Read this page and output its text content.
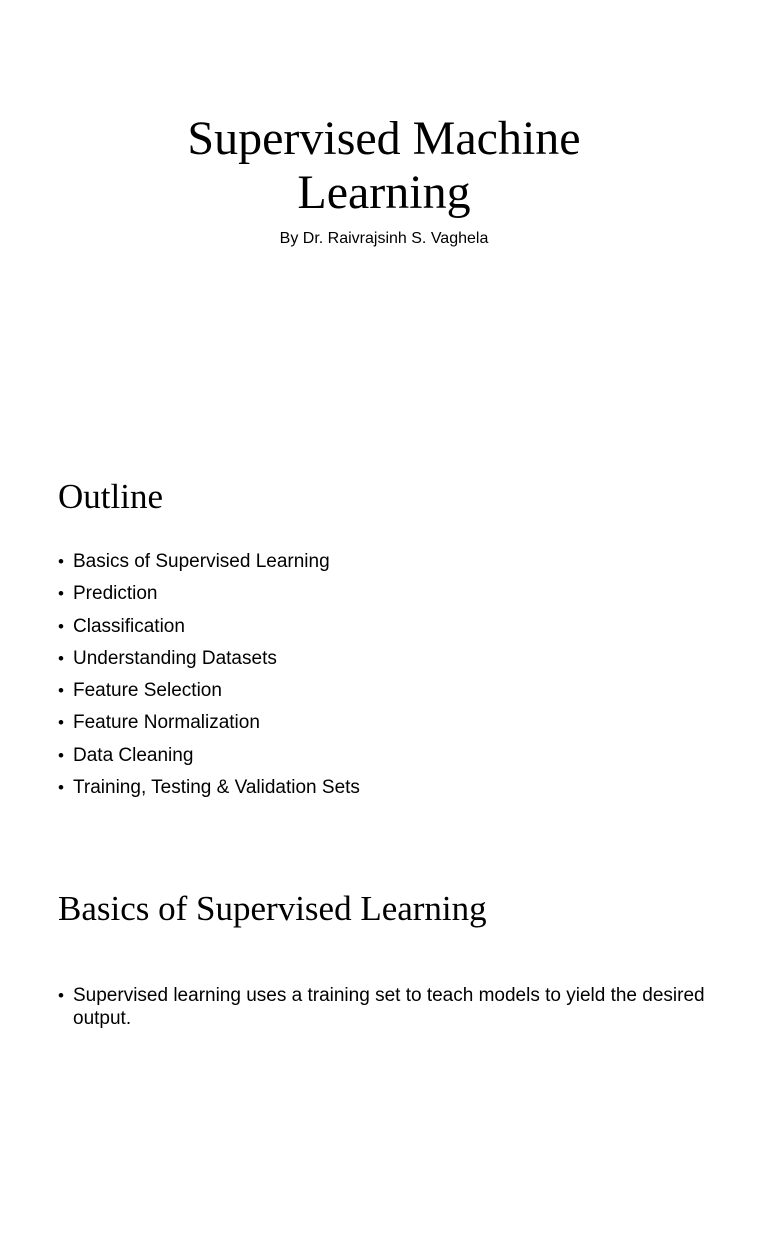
Supervised Machine
Learning

By Dr. Raivrajsinh S. Vaghela

Outline
• Basics of Supervised Learning
• Prediction
• Classification
• Understanding Datasets
• Feature Selection
• Feature Normalization
• Data Cleaning
• Training, Testing & Validation Sets
Basics of Supervised Learning
• Supervised learning uses a training set to teach models to yield the desired output.
